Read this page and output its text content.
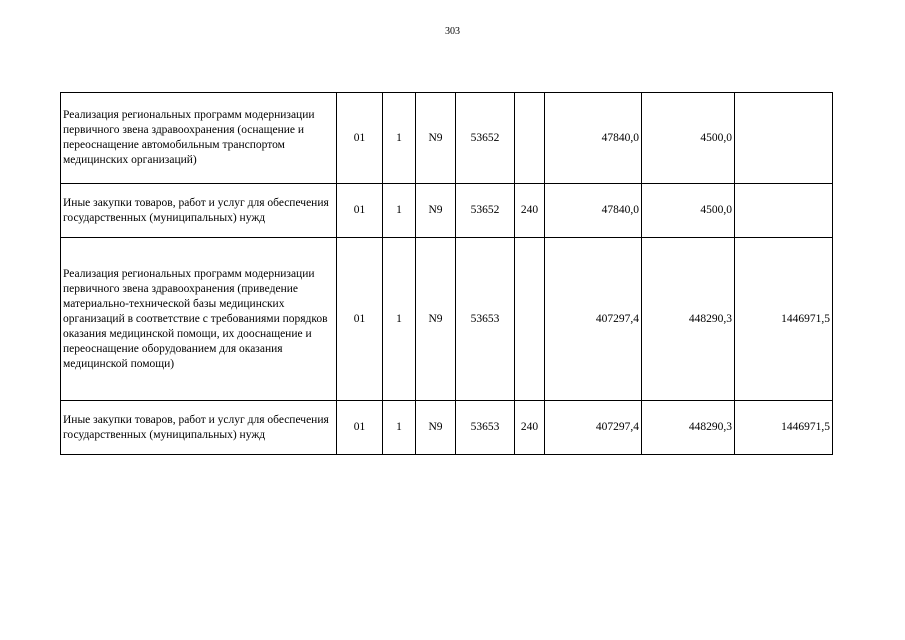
303
Реализация региональных программ модернизации первичного звена здравоохранения (оснащение и переоснащение автомобильным транспортом медицинских организаций)	01	1	N9	53652		47840,0	4500,0	
Иные закупки товаров, работ и услуг для обеспечения государственных (муниципальных) нужд	01	1	N9	53652	240	47840,0	4500,0	
Реализация региональных программ модернизации первичного звена здравоохранения (приведение материально-технической базы медицинских организаций в соответствие с требованиями порядков оказания медицинской помощи, их дооснащение и переоснащение оборудованием для оказания медицинской помощи)	01	1	N9	53653		407297,4	448290,3	1446971,5
Иные закупки товаров, работ и услуг для обеспечения государственных (муниципальных) нужд	01	1	N9	53653	240	407297,4	448290,3	1446971,5
